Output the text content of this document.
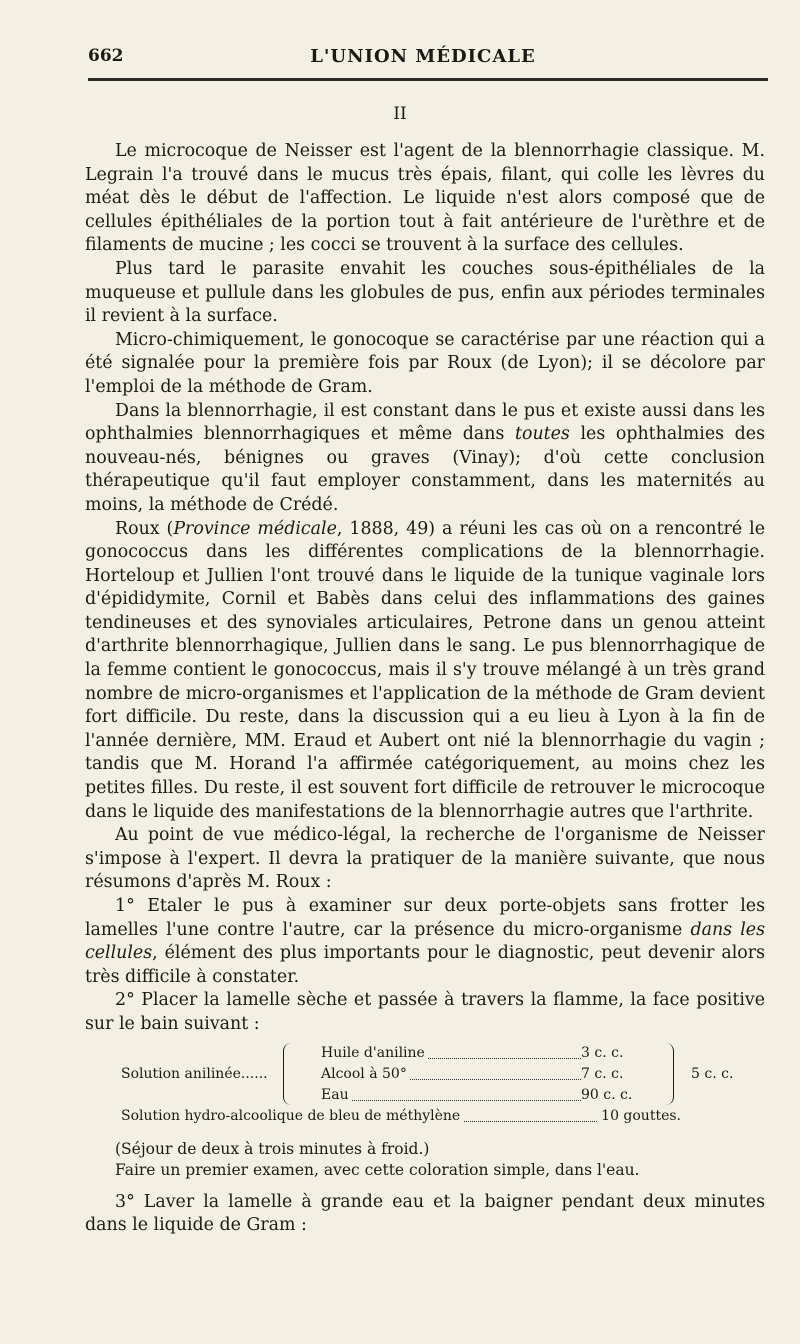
662	L'UNION MÉDICALE
II

Le microcoque de Neisser est l'agent de la blennorrhagie classique. M. Legrain l'a trouvé dans le mucus très épais, filant, qui colle les lèvres du méat dès le début de l'affection. Le liquide n'est alors composé que de cellules épithéliales de la portion tout à fait antérieure de l'urèthre et de filaments de mucine ; les cocci se trouvent à la surface des cellules.

Plus tard le parasite envahit les couches sous-épithéliales de la muqueuse et pullule dans les globules de pus, enfin aux périodes terminales il revient à la surface.

Micro-chimiquement, le gonocoque se caractérise par une réaction qui a été signalée pour la première fois par Roux (de Lyon); il se décolore par l'emploi de la méthode de Gram.

Dans la blennorrhagie, il est constant dans le pus et existe aussi dans les ophthalmies blennorrhagiques et même dans toutes les ophthalmies des nouveau-nés, bénignes ou graves (Vinay); d'où cette conclusion thérapeutique qu'il faut employer constamment, dans les maternités au moins, la méthode de Crédé.

Roux (Province médicale, 1888, 49) a réuni les cas où on a rencontré le gonococcus dans les différentes complications de la blennorrhagie. Horteloup et Jullien l'ont trouvé dans le liquide de la tunique vaginale lors d'épididymite, Cornil et Babès dans celui des inflammations des gaines tendineuses et des synoviales articulaires, Petrone dans un genou atteint d'arthrite blennorrhagique, Jullien dans le sang. Le pus blennorrhagique de la femme contient le gonococcus, mais il s'y trouve mélangé à un très grand nombre de micro-organismes et l'application de la méthode de Gram devient fort difficile. Du reste, dans la discussion qui a eu lieu à Lyon à la fin de l'année dernière, MM. Eraud et Aubert ont nié la blennorrhagie du vagin ; tandis que M. Horand l'a affirmée catégoriquement, au moins chez les petites filles. Du reste, il est souvent fort difficile de retrouver le microcoque dans le liquide des manifestations de la blennorrhagie autres que l'arthrite.

Au point de vue médico-légal, la recherche de l'organisme de Neisser s'impose à l'expert. Il devra la pratiquer de la manière suivante, que nous résumons d'après M. Roux :

1° Etaler le pus à examiner sur deux porte-objets sans frotter les lamelles l'une contre l'autre, car la présence du micro-organisme dans les cellules, élément des plus importants pour le diagnostic, peut devenir alors très difficile à constater.

2° Placer la lamelle sèche et passée à travers la flamme, la face positive sur le bain suivant :

Solution anilinée......
Huile d'aniline	3 c. c.
Alcool à 50°	7 c. c.
Eau	90 c. c.
5 c. c.
Solution hydro-alcoolique de bleu de méthylène	10 gouttes.

(Séjour de deux à trois minutes à froid.)

Faire un premier examen, avec cette coloration simple, dans l'eau.

3° Laver la lamelle à grande eau et la baigner pendant deux minutes dans le liquide de Gram :
